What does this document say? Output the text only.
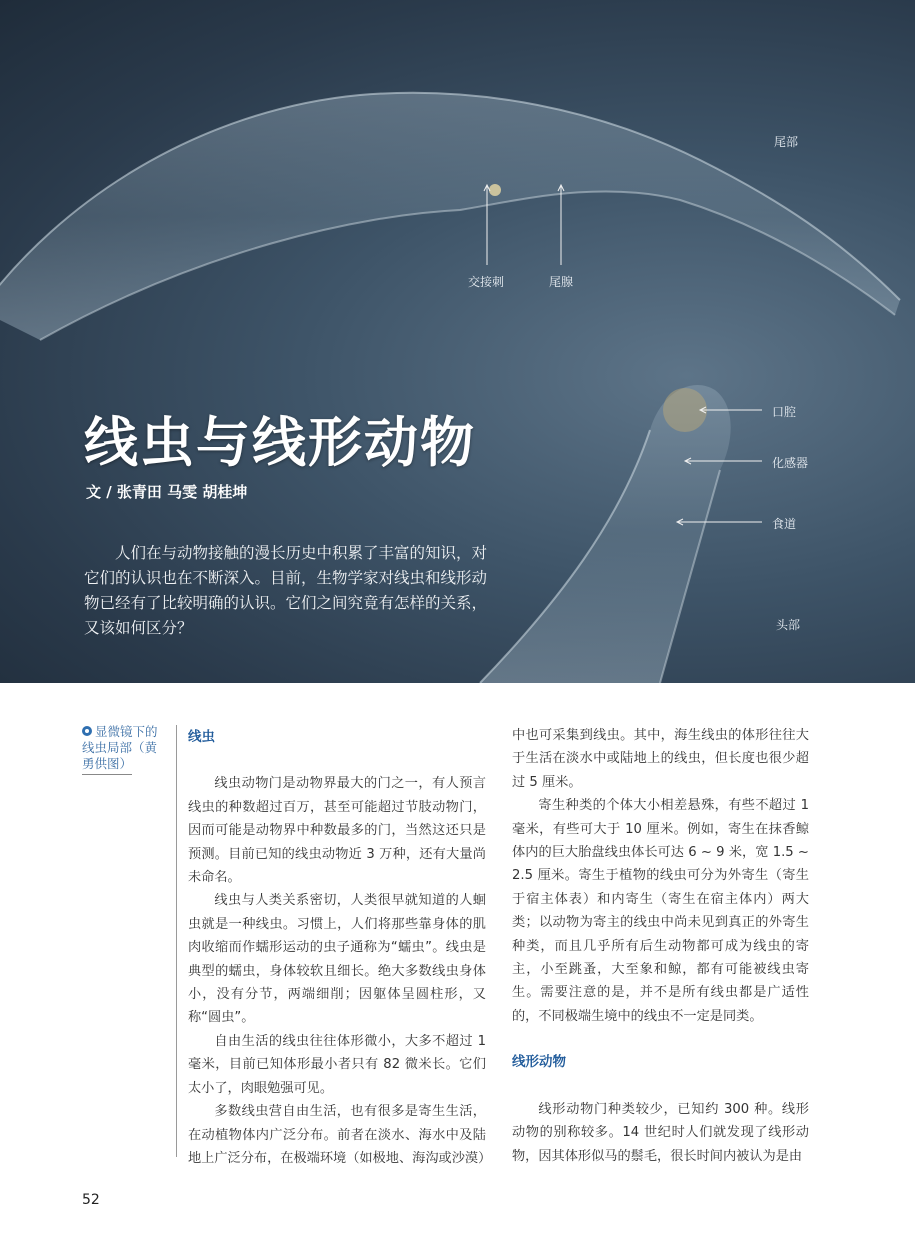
尾部
交接刺	尾腺
口腔
化感器
食道
头部
线虫与线形动物
文 / 张青田 马雯 胡桂坤
人们在与动物接触的漫长历史中积累了丰富的知识，对它们的认识也在不断深入。目前，生物学家对线虫和线形动物已经有了比较明确的认识。它们之间究竟有怎样的关系，又该如何区分？
显微镜下的线虫局部（黄勇供图）

线虫

线虫动物门是动物界最大的门之一，有人预言线虫的种数超过百万，甚至可能超过节肢动物门，因而可能是动物界中种数最多的门，当然这还只是预测。目前已知的线虫动物近 3 万种，还有大量尚未命名。

线虫与人类关系密切，人类很早就知道的人蛔虫就是一种线虫。习惯上，人们将那些靠身体的肌肉收缩而作蠕形运动的虫子通称为“蠕虫”。线虫是典型的蠕虫，身体较软且细长。绝大多数线虫身体小，没有分节，两端细削；因躯体呈圆柱形，又称“圆虫”。

自由生活的线虫往往体形微小，大多不超过 1 毫米，目前已知体形最小者只有 82 微米长。它们太小了，肉眼勉强可见。

多数线虫营自由生活，也有很多是寄生生活，在动植物体内广泛分布。前者在淡水、海水中及陆地上广泛分布，在极端环境（如极地、海沟或沙漠）

中也可采集到线虫。其中，海生线虫的体形往往大于生活在淡水中或陆地上的线虫，但长度也很少超过 5 厘米。

寄生种类的个体大小相差悬殊，有些不超过 1 毫米，有些可大于 10 厘米。例如，寄生在抹香鲸体内的巨大胎盘线虫体长可达 6 ~ 9 米，宽 1.5 ~ 2.5 厘米。寄生于植物的线虫可分为外寄生（寄生于宿主体表）和内寄生（寄生在宿主体内）两大类；以动物为寄主的线虫中尚未见到真正的外寄生种类，而且几乎所有后生动物都可成为线虫的寄主，小至跳蚤，大至象和鲸，都有可能被线虫寄生。需要注意的是，并不是所有线虫都是广适性的，不同极端生境中的线虫不一定是同类。

线形动物

线形动物门种类较少，已知约 300 种。线形动物的别称较多。14 世纪时人们就发现了线形动物，因其体形似马的鬃毛，很长时间内被认为是由

52
